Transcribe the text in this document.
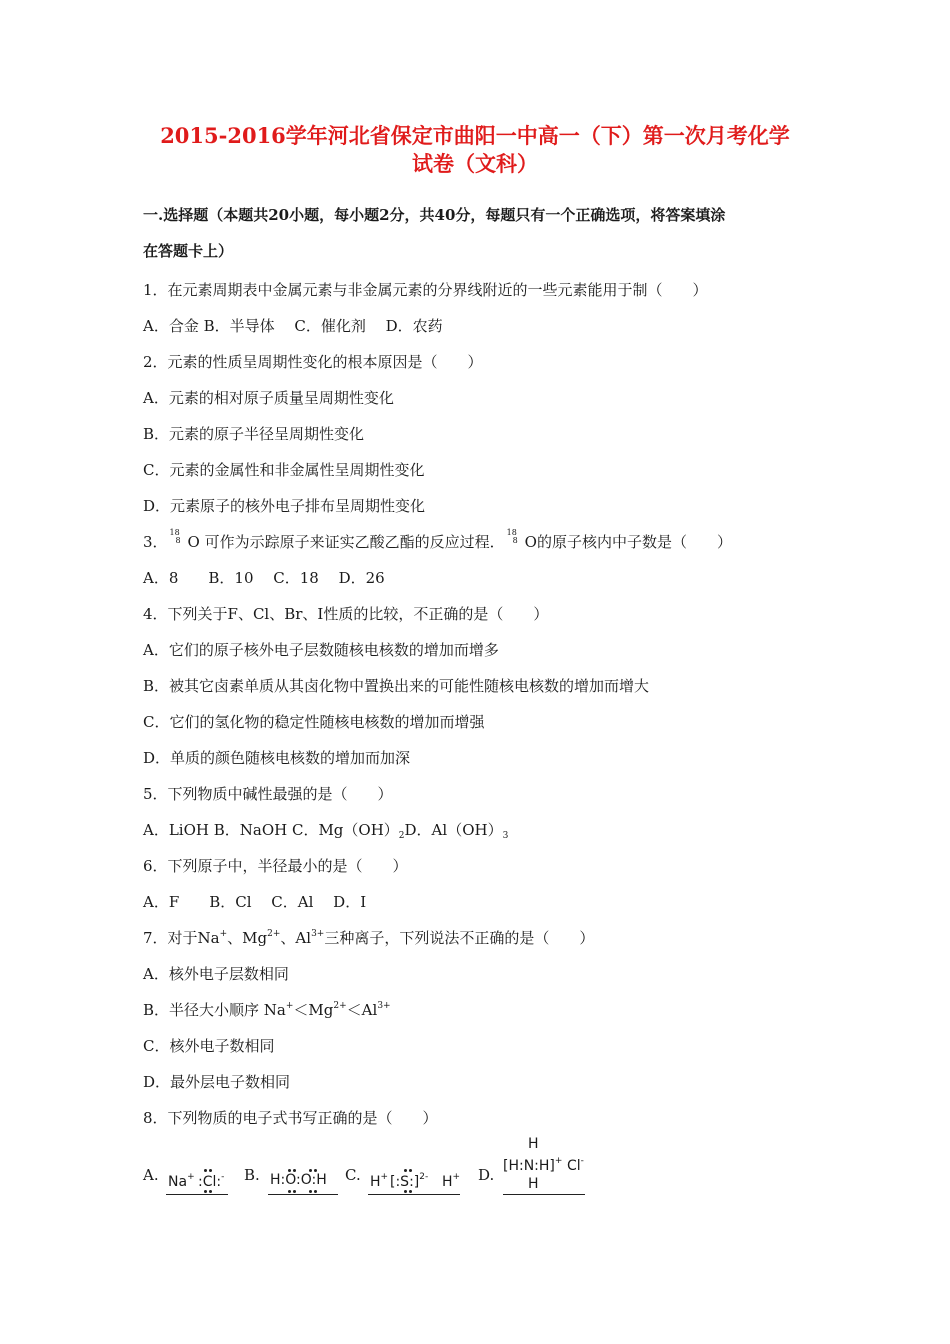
2015-2016学年河北省保定市曲阳一中高一（下）第一次月考化学
试卷（文科）
一.选择题（本题共20小题，每小题2分，共40分，每题只有一个正确选项，将答案填涂
在答题卡上）
1．在元素周期表中金属元素与非金属元素的分界线附近的一些元素能用于制（　　）
A．合金 B．半导体　 C．催化剂　 D．农药
2．元素的性质呈周期性变化的根本原因是（　　）
A．元素的相对原子质量呈周期性变化
B．元素的原子半径呈周期性变化
C．元素的金属性和非金属性呈周期性变化
D．元素原子的核外电子排布呈周期性变化
3．
18
8 O 可作为示踪原子来证实乙酸乙酯的反应过程．
18
8 O的原子核内中子数是（　　）
A．8　　B．10　 C．18　 D．26
4．下列关于F、Cl、Br、I性质的比较，不正确的是（　　）
A．它们的原子核外电子层数随核电核数的增加而增多
B．被其它卤素单质从其卤化物中置换出来的可能性随核电核数的增加而增大
C．它们的氢化物的稳定性随核电核数的增加而增强
D．单质的颜色随核电核数的增加而加深
5．下列物质中碱性最强的是（　　）
A．LiOH B．NaOH C．$Mg(OH)_2D$．$Al(OH)_3$
6．下列原子中，半径最小的是（　　）
A．F　　B．Cl　 C．Al　 D．I
7．对于Na+、$Mg^{2+}$、$Al^{3+}$三种离子，下列说法不正确的是（　　）
A．核外电子层数相同
B．半径大小顺序 $Na^+<Mg^{2+}<Al^{3+}$
C．核外电子数相同
D．最外层电子数相同
8．下列物质的电子式书写正确的是（　　）
A.	B.	C.	D.
Na+ :Cl:-	H:O:O:H	H+ [:S:]$^{2-}$ H+
H
[H:N:H]+ Cl-
H
